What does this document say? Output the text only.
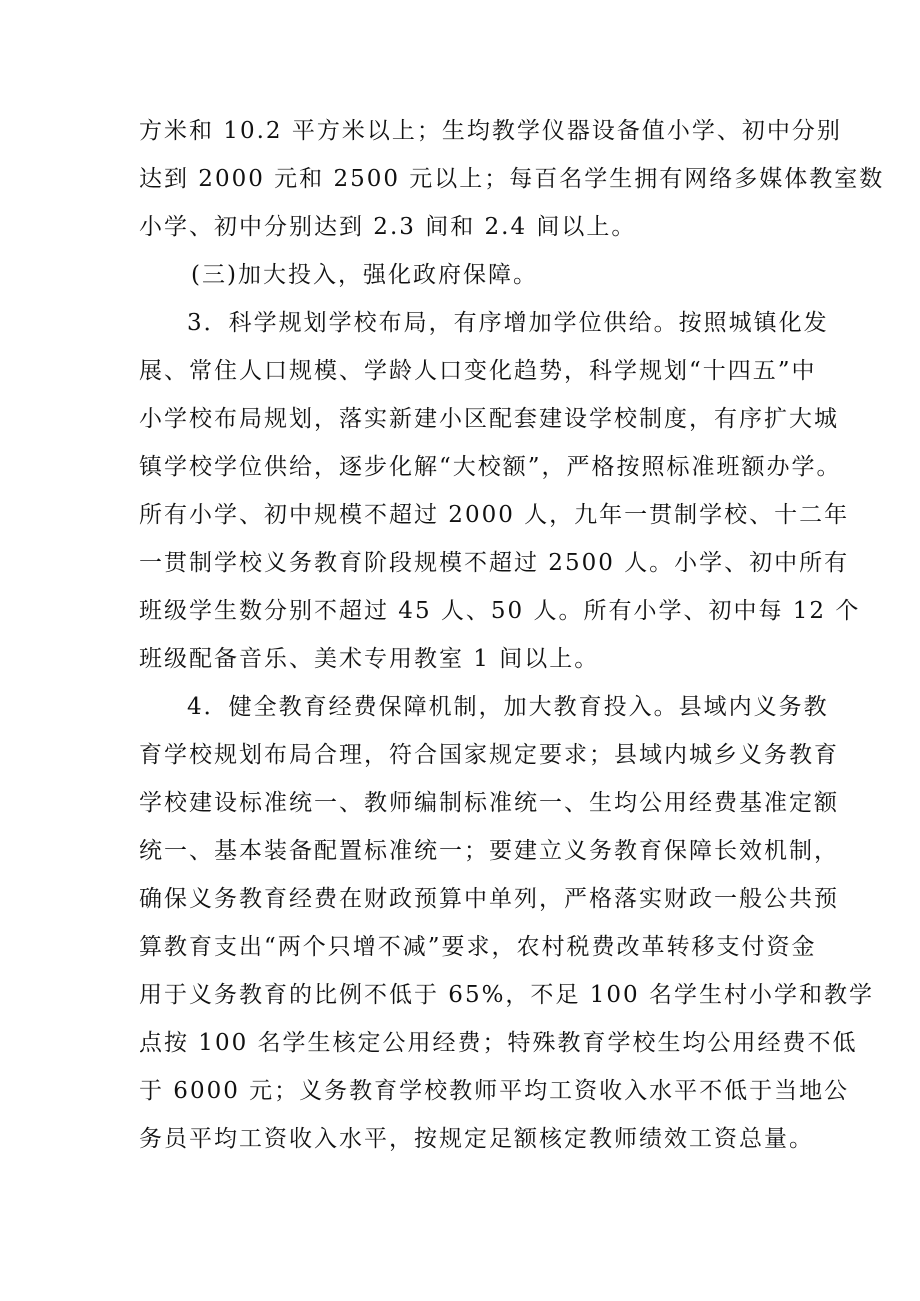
方米和 10.2 平方米以上；生均教学仪器设备值小学、初中分别
达到 2000 元和 2500 元以上；每百名学生拥有网络多媒体教室数
小学、初中分别达到 2.3 间和 2.4 间以上。
(三)加大投入，强化政府保障。
3．科学规划学校布局，有序增加学位供给。按照城镇化发
展、常住人口规模、学龄人口变化趋势，科学规划“十四五”中
小学校布局规划，落实新建小区配套建设学校制度，有序扩大城
镇学校学位供给，逐步化解“大校额”，严格按照标准班额办学。
所有小学、初中规模不超过 2000 人，九年一贯制学校、十二年
一贯制学校义务教育阶段规模不超过 2500 人。小学、初中所有
班级学生数分别不超过 45 人、50 人。所有小学、初中每 12 个
班级配备音乐、美术专用教室 1 间以上。
4．健全教育经费保障机制，加大教育投入。县域内义务教
育学校规划布局合理，符合国家规定要求；县域内城乡义务教育
学校建设标准统一、教师编制标准统一、生均公用经费基准定额
统一、基本装备配置标准统一；要建立义务教育保障长效机制，
确保义务教育经费在财政预算中单列，严格落实财政一般公共预
算教育支出“两个只增不减”要求，农村税费改革转移支付资金
用于义务教育的比例不低于 65%，不足 100 名学生村小学和教学
点按 100 名学生核定公用经费；特殊教育学校生均公用经费不低
于 6000 元；义务教育学校教师平均工资收入水平不低于当地公
务员平均工资收入水平，按规定足额核定教师绩效工资总量。
